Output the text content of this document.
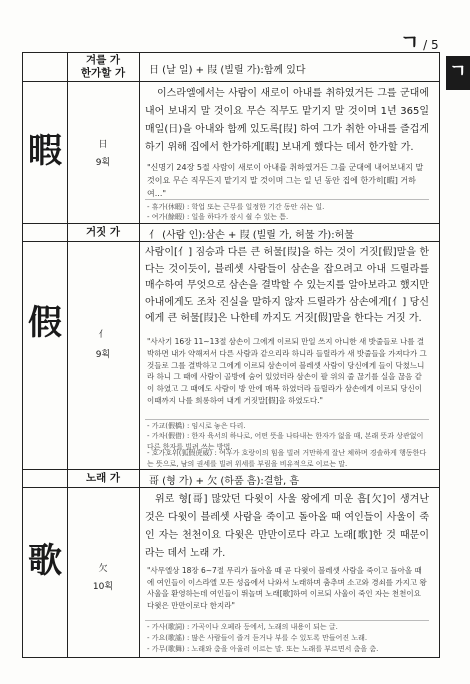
ㄱ / 5
ㄱ
겨를 가
한가할 가	日 (날 일) + 叚 (빌릴 가):함께 있다
暇	日
9획
이스라엘에서는 사람이 새로이 아내를 취하였거든 그를 군대에 내어 보내지 말 것이요 무슨 직무도 맡기지 말 것이며 1년 365일 매일(日)을 아내와 함께 있도록[叚] 하여 그가 취한 아내를 즐겁게 하기 위해 집에서 한가하게[暇] 보내게 했다는 데서 한가할 가.
"신명기 24장 5절 사람이 새로이 아내를 취하였거든 그를 군대에 내어보내지 말 것이요 무슨 직무든지 맡기지 말 것이며 그는 일 년 동안 집에 한가히[暇] 거하여..."
- 휴가(休暇) : 학업 또는 근무를 일정한 기간 동안 쉬는 일.
- 여가(餘暇) : 일을 하다가 잠시 쉴 수 있는 틈.
거짓 가	亻 (사람 인):삼손 + 叚 (빌릴 가, 허물 가):허물
假	亻
9획
사람이[亻] 짐승과 다른 큰 허물[叚]을 하는 것이 거짓[假]말을 한다는 것이듯이, 블레셋 사람들이 삼손을 잡으려고 아내 드릴라를 매수하여 무엇으로 삼손을 결박할 수 있는지를 알아보라고 했지만 아내에게도 조차 진실을 말하지 않자 드릴라가 삼손에게[亻] 당신에게 큰 허물[叚]은 나한테 까지도 거짓[假]말을 한다는 거짓 가.
"사사기 16장 11~13절 삼손이 그에게 이르되 만일 쓰지 아니한 새 밧줄들로 나를 결박하면 내가 약해져서 다른 사람과 같으리라 하니라 들릴라가 새 밧줄들을 가져다가 그것들로 그를 결박하고 그에게 이르되 삼손이여 블레셋 사람이 당신에게 들이 닥쳤느니라 하니 그 때에 사람이 골방에 숨어 있었더라 삼손이 팔 위의 줄 끊기를 실을 끊음 같이 하였고 그 때에도 사람이 방 안에 매복 하였더라 들릴라가 삼손에게 이르되 당신이 이때까지 나를 희롱하여 내게 거짓말[假]을 하였도다."
- 가교(假橋) : 임시로 놓은 다리.
- 가차(假借) : 한자 육서의 하나로, 어떤 뜻을 나타내는 한자가 없을 때, 본래 뜻과 상관없이 다른 한자를 빌려 쓰는 방법.
- 호가호위(狐假虎威) : 여우가 호랑이의 힘을 빌려 거만하게 잘난 체하며 경솔하게 행동한다는 뜻으로, 남의 권세를 빌려 위세를 부림을 비유적으로 이르는 말.
노래 가	哥 (형 가) + 欠 (하품 흠):결함, 흠
歌	欠
10획
위로 형[哥] 많았던 다윗이 사울 왕에게 미운 흠[欠]이 생겨난 것은 다윗이 블레셋 사람을 죽이고 돌아올 때 여인들이 사울이 죽인 자는 천천이요 다윗은 만만이로다 라고 노래[歌]한 것 때문이라는 데서 노래 가.
"사무엘상 18장 6~7절 무리가 돌아올 때 곧 다윗이 블레셋 사람을 죽이고 돌아올 때에 여인들이 이스라엘 모든 성읍에서 나와서 노래하며 춤추며 소고와 경쇠를 가지고 왕 사울을 환영하는데 여인들이 뛰놀며 노래[歌]하여 이르되 사울이 죽인 자는 천천이요 다윗은 만만이로다 한지라"
- 가사(歌詞) : 가곡이나 오페라 등에서, 노래의 내용이 되는 글.
- 가요(歌謠) : 많은 사람들이 즐겨 듣거나 부를 수 있도록 만들어진 노래.
- 가무(歌舞) : 노래와 춤을 아울러 이르는 말. 또는 노래를 부르면서 춤을 춤.
